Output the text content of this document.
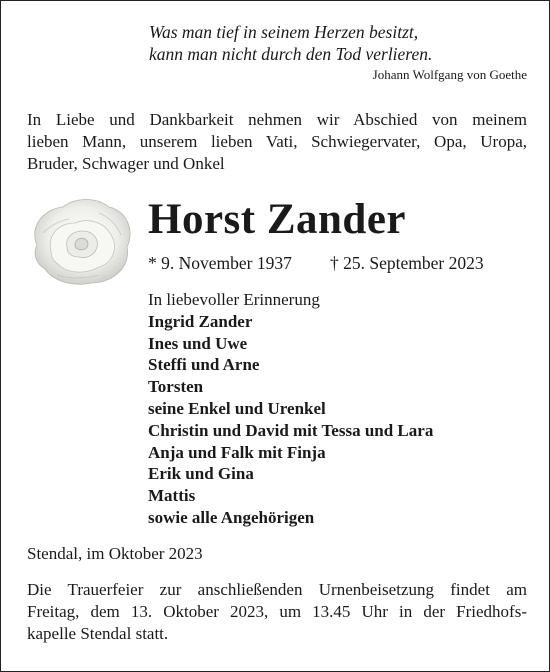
Was man tief in seinem Herzen besitzt,
kann man nicht durch den Tod verlieren.
Johann Wolfgang von Goethe
In Liebe und Dankbarkeit nehmen wir Abschied von meinem
lieben Mann, unserem lieben Vati, Schwiegervater, Opa, Uropa,
Bruder, Schwager und Onkel
Horst Zander
* 9. November 1937 † 25. September 2023
In liebevoller Erinnerung
Ingrid Zander
Ines und Uwe
Steffi und Arne
Torsten
seine Enkel und Urenkel
Christin und David mit Tessa und Lara
Anja und Falk mit Finja
Erik und Gina
Mattis
sowie alle Angehörigen
Stendal, im Oktober 2023
Die Trauerfeier zur anschließenden Urnenbeisetzung findet am
Freitag, dem 13. Oktober 2023, um 13.45 Uhr in der Friedhofs-
kapelle Stendal statt.
